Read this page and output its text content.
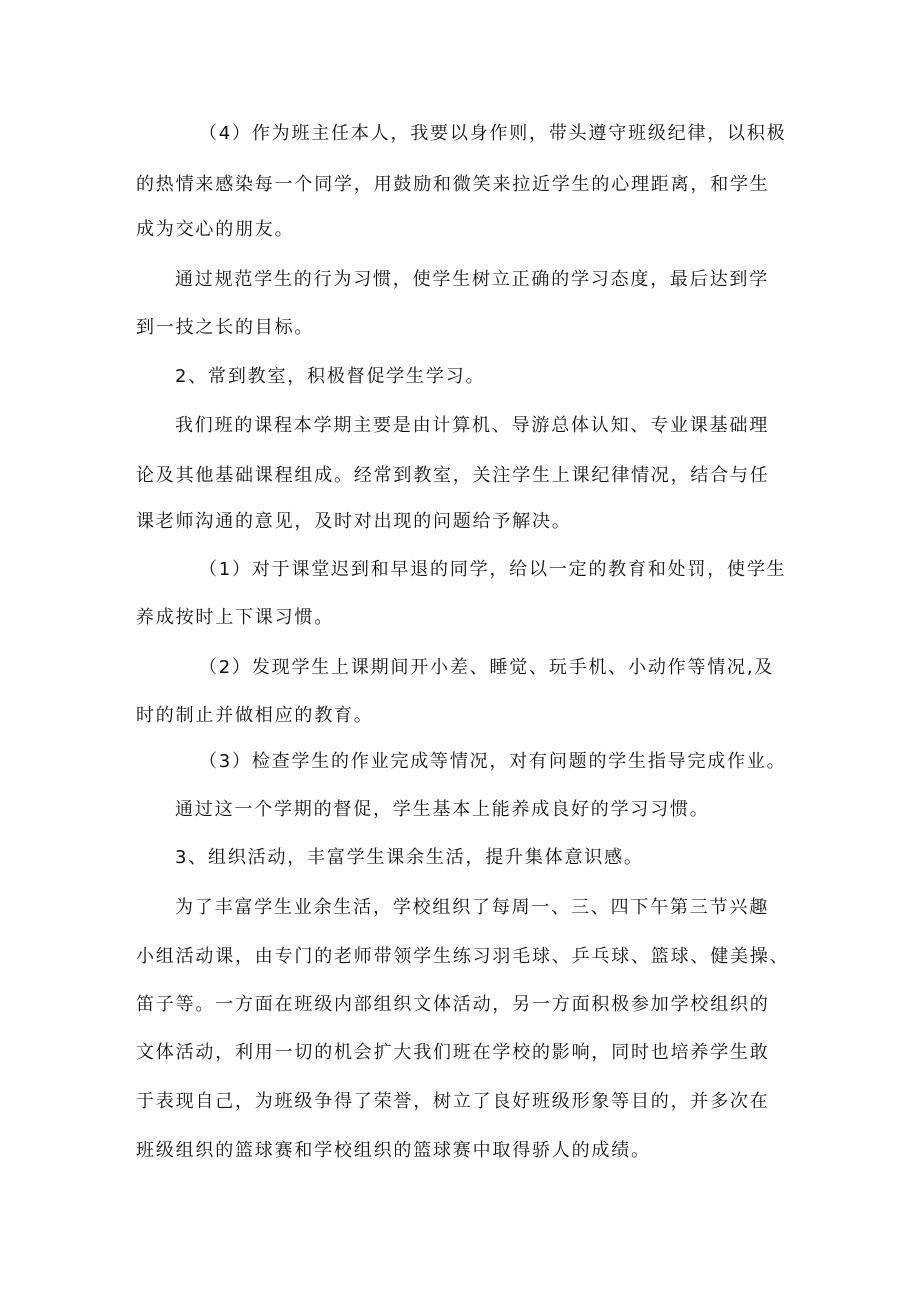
（4）作为班主任本人，我要以身作则，带头遵守班级纪律，以积极
的热情来感染每一个同学，用鼓励和微笑来拉近学生的心理距离，和学生
成为交心的朋友。
通过规范学生的行为习惯，使学生树立正确的学习态度，最后达到学
到一技之长的目标。
2、常到教室，积极督促学生学习。
我们班的课程本学期主要是由计算机、导游总体认知、专业课基础理
论及其他基础课程组成。经常到教室，关注学生上课纪律情况，结合与任
课老师沟通的意见，及时对出现的问题给予解决。
（1）对于课堂迟到和早退的同学，给以一定的教育和处罚，使学生
养成按时上下课习惯。
（2）发现学生上课期间开小差、睡觉、玩手机、小动作等情况,及
时的制止并做相应的教育。
（3）检查学生的作业完成等情况，对有问题的学生指导完成作业。
通过这一个学期的督促，学生基本上能养成良好的学习习惯。
3、组织活动，丰富学生课余生活，提升集体意识感。
为了丰富学生业余生活，学校组织了每周一、三、四下午第三节兴趣
小组活动课，由专门的老师带领学生练习羽毛球、乒乓球、篮球、健美操、
笛子等。一方面在班级内部组织文体活动，另一方面积极参加学校组织的
文体活动，利用一切的机会扩大我们班在学校的影响，同时也培养学生敢
于表现自己，为班级争得了荣誉，树立了良好班级形象等目的，并多次在
班级组织的篮球赛和学校组织的篮球赛中取得骄人的成绩。
